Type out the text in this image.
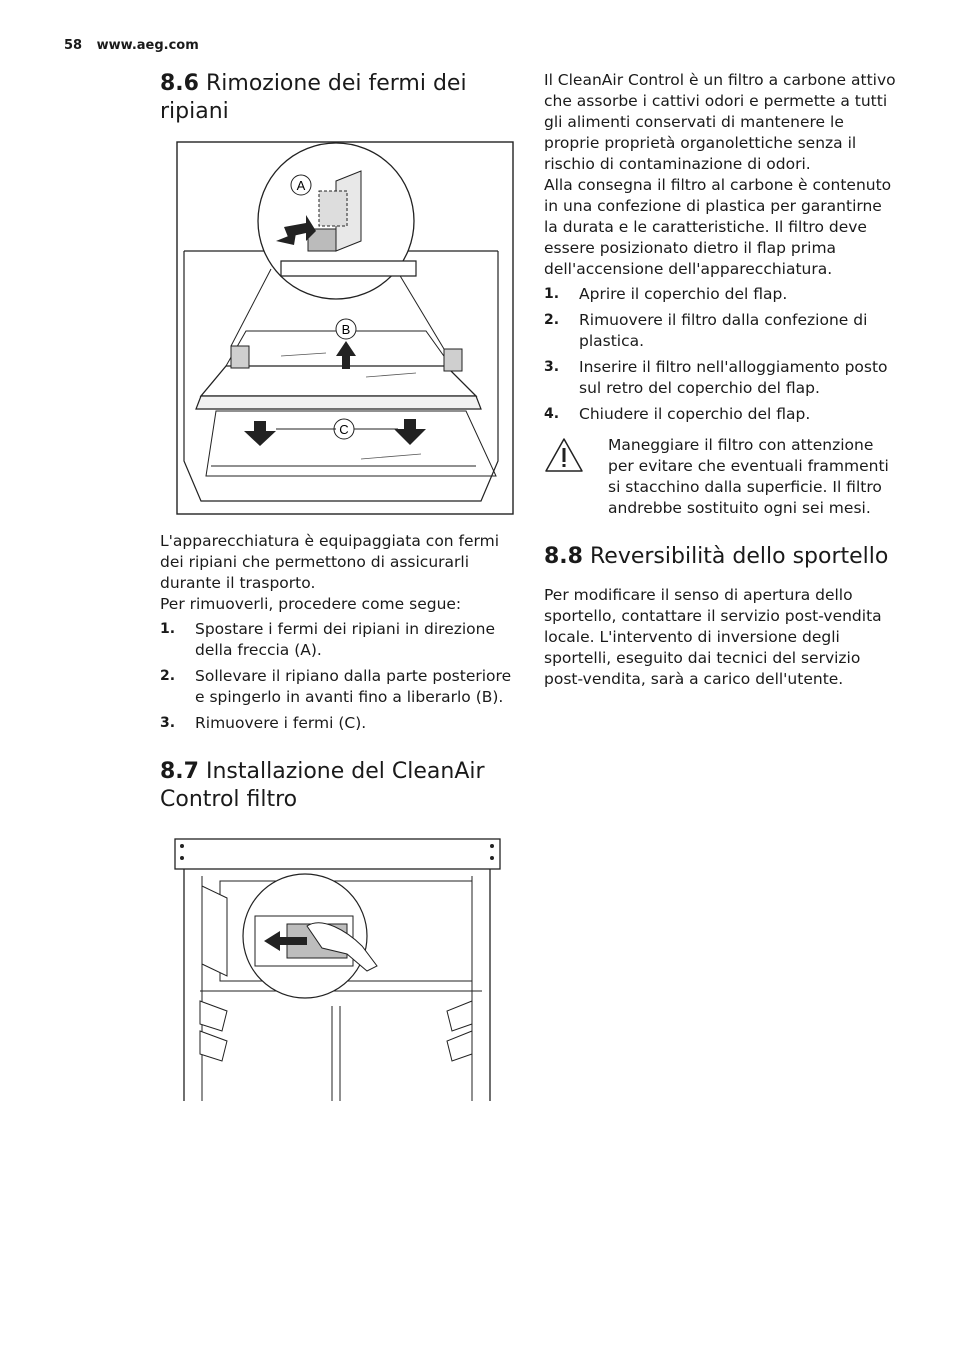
58 www.aeg.com
8.6 Rimozione dei fermi dei ripiani
A
B
C

L'apparecchiatura è equipaggiata con fermi dei ripiani che permettono di assicurarli durante il trasporto.

Per rimuoverli, procedere come segue:

1. Spostare i fermi dei ripiani in direzione della freccia (A).
2. Sollevare il ripiano dalla parte posteriore e spingerlo in avanti fino a liberarlo (B).
3. Rimuovere i fermi (C).
8.7 Installazione del CleanAir Control filtro

Il CleanAir Control è un filtro a carbone attivo che assorbe i cattivi odori e permette a tutti gli alimenti conservati di mantenere le proprie proprietà organolettiche senza il rischio di contaminazione di odori.

Alla consegna il filtro al carbone è contenuto in una confezione di plastica per garantirne la durata e le caratteristiche. Il filtro deve essere posizionato dietro il flap prima dell'accensione dell'apparecchiatura.

1. Aprire il coperchio del flap.
2. Rimuovere il filtro dalla confezione di plastica.
3. Inserire il filtro nell'alloggiamento posto sul retro del coperchio del flap.
4. Chiudere il coperchio del flap.

Maneggiare il filtro con attenzione per evitare che eventuali frammenti si stacchino dalla superficie. Il filtro andrebbe sostituito ogni sei mesi.

8.8 Reversibilità dello sportello

Per modificare il senso di apertura dello sportello, contattare il servizio post-vendita locale. L'intervento di inversione degli sportelli, eseguito dai tecnici del servizio post-vendita, sarà a carico dell'utente.
